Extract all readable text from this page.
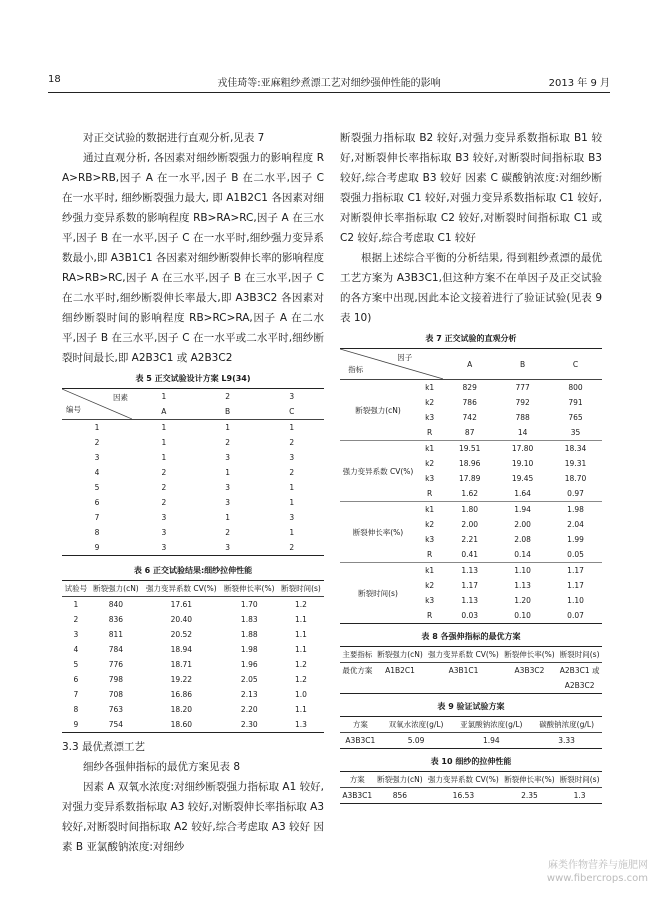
18	戎佳琦等:亚麻粗纱煮漂工艺对细纱强伸性能的影响	2013 年 9 月

对正交试验的数据进行直观分析,见表 7

通过直观分析, 各因素对细纱断裂强力的影响程度 RA>RB>RB,因子 A 在一水平,因子 B 在二水平,因子 C 在一水平时, 细纱断裂强力最大, 即 A1B2C1 各因素对细纱强力变异系数的影响程度 RB>RA>RC,因子 A 在三水平,因子 B 在一水平,因子 C 在一水平时,细纱强力变异系数最小,即 A3B1C1 各因素对细纱断裂伸长率的影响程度 RA>RB>RC,因子 A 在三水平,因子 B 在三水平,因子 C 在二水平时,细纱断裂伸长率最大,即 A3B3C2 各因素对细纱断裂时间的影响程度 RB>RC>RA,因子 A 在二水平,因子 B 在三水平,因子 C 在一水平或二水平时,细纱断裂时间最长,即 A2B3C1 或 A2B3C2

表 5 正交试验设计方案 L9(34)
因素
编号	1	2	3
	A	B	C
1	1	1	1
2	1	2	2
3	1	3	3
4	2	1	2
5	2	3	1
6	2	3	1
7	3	1	3
8	3	2	1
9	3	3	2
表 6 正交试验结果:细纱拉伸性能
试验号	断裂强力(cN)	强力变异系数 CV(%)	断裂伸长率(%)	断裂时间(s)
1	840	17.61	1.70	1.2
2	836	20.40	1.83	1.1
3	811	20.52	1.88	1.1
4	784	18.94	1.98	1.1
5	776	18.71	1.96	1.2
6	798	19.22	2.05	1.2
7	708	16.86	2.13	1.0
8	763	18.20	2.20	1.1
9	754	18.60	2.30	1.3

3.3 最优煮漂工艺

细纱各强伸指标的最优方案见表 8

因素 A 双氧水浓度:对细纱断裂强力指标取 A1 较好,对强力变异系数指标取 A3 较好,对断裂伸长率指标取 A3 较好,对断裂时间指标取 A2 较好,综合考虑取 A3 较好 因素 B 亚氯酸钠浓度:对细纱

断裂强力指标取 B2 较好,对强力变异系数指标取 B1 较好,对断裂伸长率指标取 B3 较好,对断裂时间指标取 B3 较好,综合考虑取 B3 较好 因素 C 碳酸钠浓度:对细纱断裂强力指标取 C1 较好,对强力变异系数指标取 C1 较好,对断裂伸长率指标取 C2 较好,对断裂时间指标取 C1 或 C2 较好,综合考虑取 C1 较好

根据上述综合平衡的分析结果, 得到粗纱煮漂的最优工艺方案为 A3B3C1,但这种方案不在单因子及正交试验的各方案中出现,因此本论文接着进行了验证试验(见表 9 表 10)

表 7 正交试验的直观分析
因子
指标		A	B	C
断裂强力(cN)	k1	829	777	800
	k2	786	792	791
	k3	742	788	765
	R	87	14	35
强力变异系数 CV(%)	k1	19.51	17.80	18.34
	k2	18.96	19.10	19.31
	k3	17.89	19.45	18.70
	R	1.62	1.64	0.97
断裂伸长率(%)	k1	1.80	1.94	1.98
	k2	2.00	2.00	2.04
	k3	2.21	2.08	1.99
	R	0.41	0.14	0.05
断裂时间(s)	k1	1.13	1.10	1.17
	k2	1.17	1.13	1.17
	k3	1.13	1.20	1.10
	R	0.03	0.10	0.07
表 8 各强伸指标的最优方案
主要指标	断裂强力(cN)	强力变异系数 CV(%)	断裂伸长率(%)	断裂时间(s)
最优方案	A1B2C1	A3B1C1	A3B3C2	A2B3C1 或
				A2B3C2
表 9 验证试验方案
方案	双氧水浓度(g/L)	亚氯酸钠浓度(g/L)	碳酸钠浓度(g/L)
A3B3C1	5.09	1.94	3.33
表 10 细纱的拉伸性能
方案	断裂强力(cN)	强力变异系数 CV(%)	断裂伸长率(%)	断裂时间(s)
A3B3C1	856	16.53	2.35	1.3
麻类作物营养与施肥网
www.fibercrops.com
